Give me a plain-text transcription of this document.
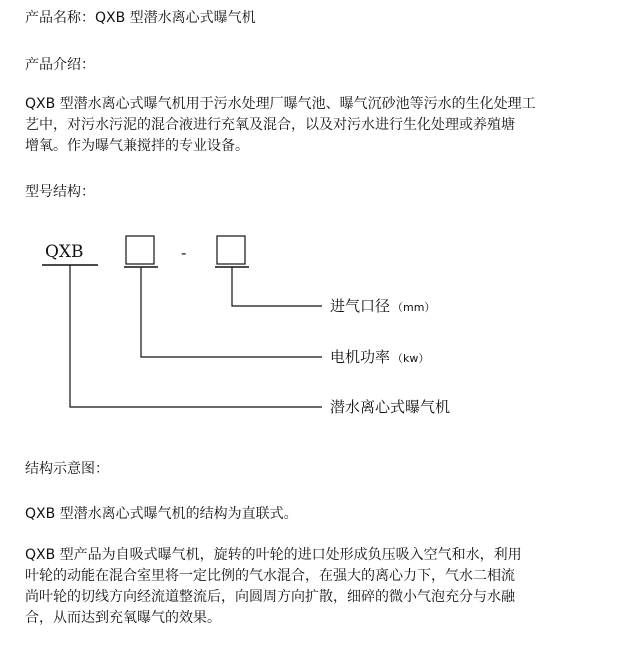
产品名称：QXB 型潜水离心式曝气机
产品介绍：
QXB 型潜水离心式曝气机用于污水处理厂曝气池、曝气沉砂池等污水的生化处理工
艺中，对污水污泥的混合液进行充氧及混合，以及对污水进行生化处理或养殖塘
增氧。作为曝气兼搅拌的专业设备。
型号结构：
QXB	-
进气口径 （mm）
电机功率 （kw）
潜水离心式曝气机
结构示意图：
QXB 型潜水离心式曝气机的结构为直联式。
QXB 型产品为自吸式曝气机，旋转的叶轮的进口处形成负压吸入空气和水，利用
叶轮的动能在混合室里将一定比例的气水混合，在强大的离心力下，气水二相流
尚叶轮的切线方向经流道整流后，向圆周方向扩散，细碎的微小气泡充分与水融
合，从而达到充氧曝气的效果。
